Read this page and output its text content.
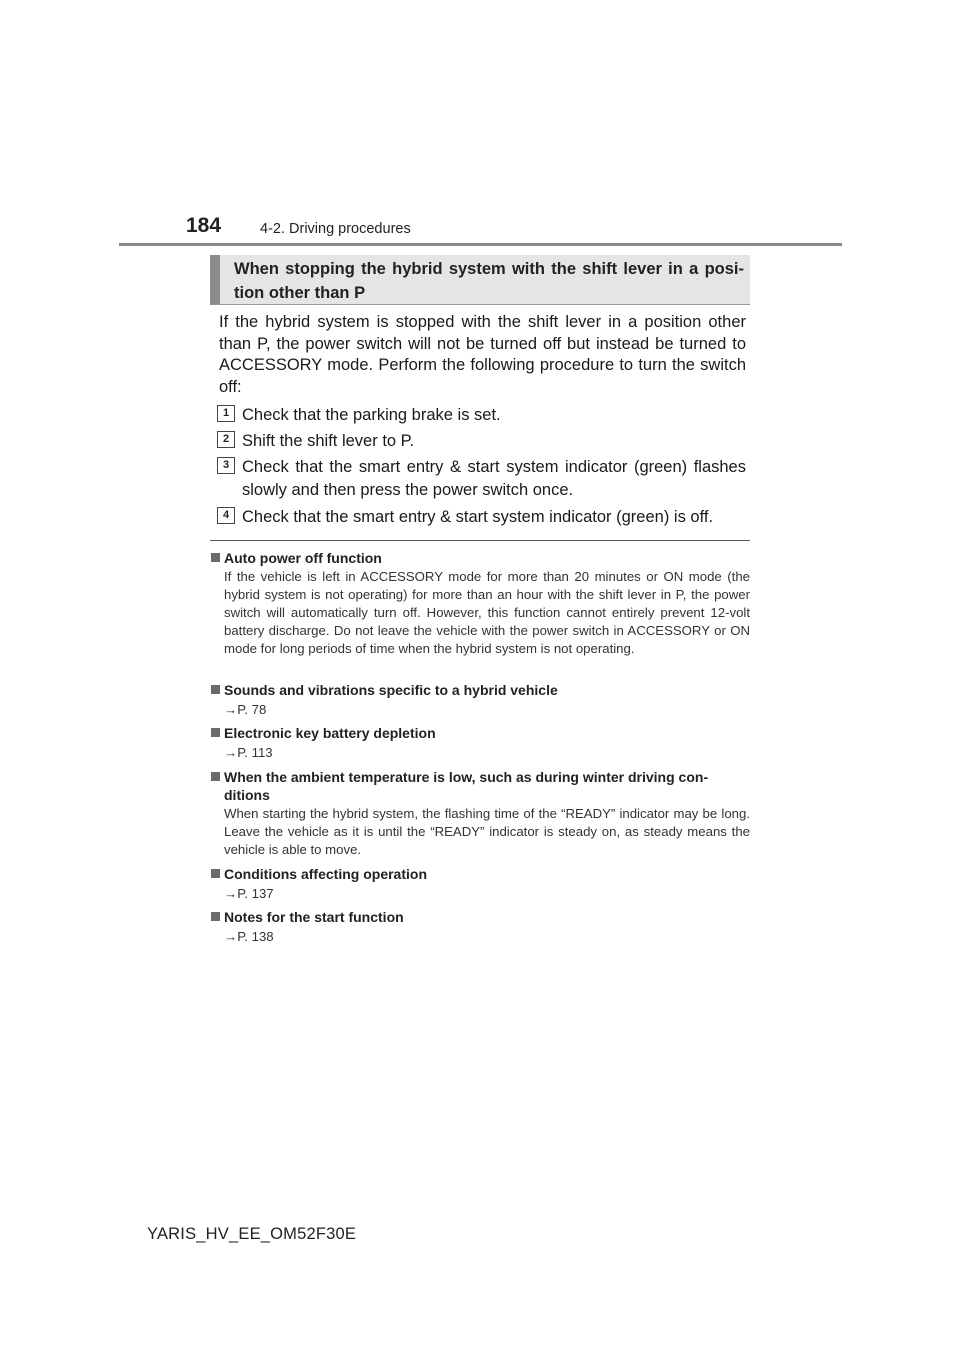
184	4-2. Driving procedures
When stopping the hybrid system with the shift lever in a posi-tion other than P
If the hybrid system is stopped with the shift lever in a position other than P, the power switch will not be turned off but instead be turned to ACCESSORY mode. Perform the following procedure to turn the switch off:
1 Check that the parking brake is set.
2 Shift the shift lever to P.
3 Check that the smart entry & start system indicator (green) flashes slowly and then press the power switch once.
4 Check that the smart entry & start system indicator (green) is off.
Auto power off function
If the vehicle is left in ACCESSORY mode for more than 20 minutes or ON mode (the hybrid system is not operating) for more than an hour with the shift lever in P, the power switch will automatically turn off. However, this function cannot entirely prevent 12-volt battery discharge. Do not leave the vehicle with the power switch in ACCESSORY or ON mode for long periods of time when the hybrid system is not operating.
Sounds and vibrations specific to a hybrid vehicle
→P. 78
Electronic key battery depletion
→P. 113
When the ambient temperature is low, such as during winter driving con-ditions
When starting the hybrid system, the flashing time of the “READY” indicator may be long. Leave the vehicle as it is until the “READY” indicator is steady on, as steady means the vehicle is able to move.
Conditions affecting operation
→P. 137
Notes for the start function
→P. 138
YARIS_HV_EE_OM52F30E
